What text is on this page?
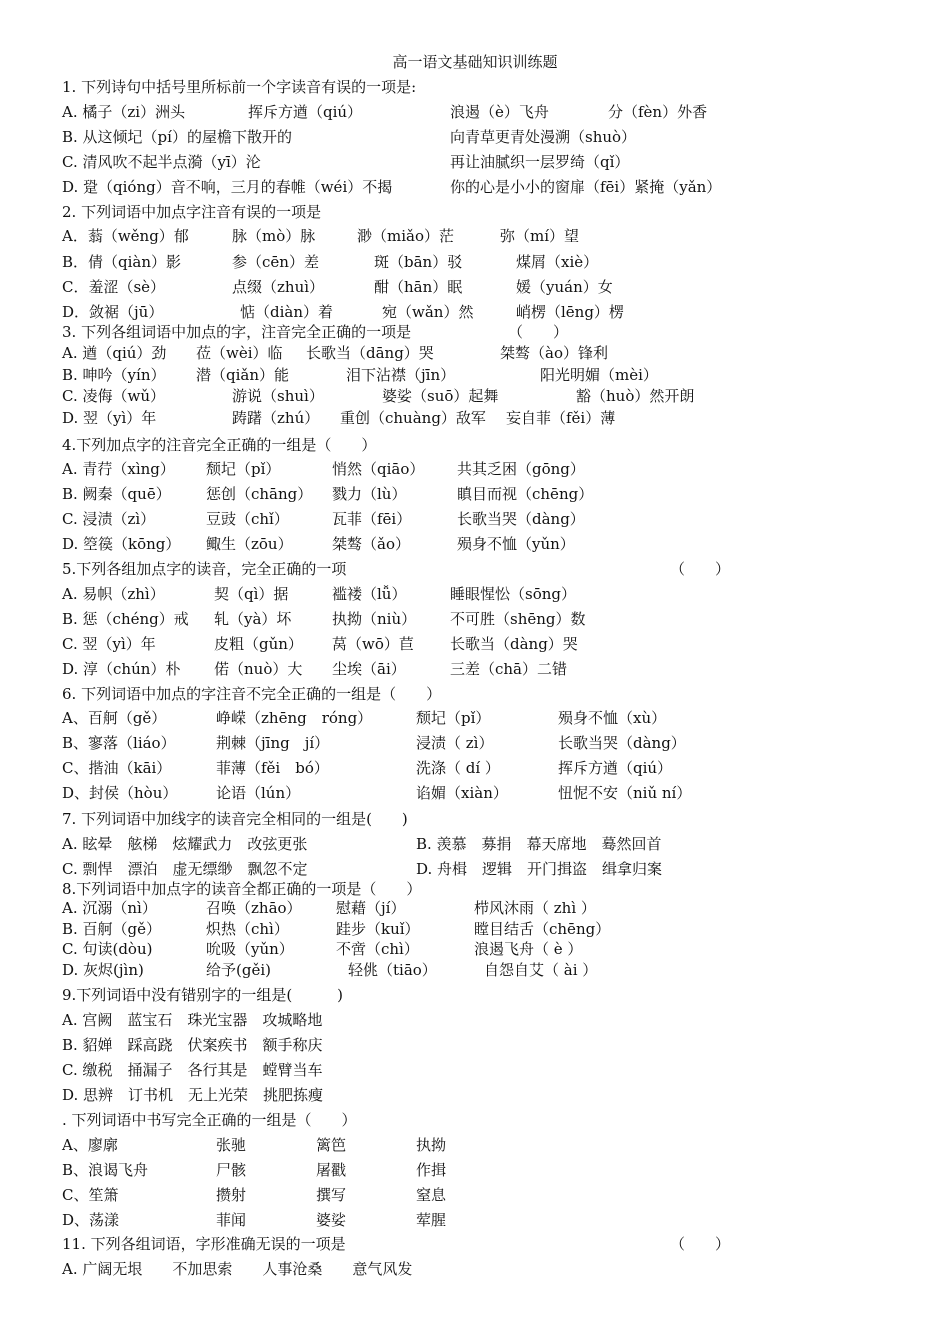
高一语文基础知识训练题
1. 下列诗句中括号里所标前一个字读音有误的一项是:
A. 橘子（zi）洲头	挥斥方遒（qiú）	浪遏（è）飞舟	分（fèn）外香
B. 从这倾圮（pí）的屋檐下散开的	向青草更青处漫溯（shuò）
C. 清风吹不起半点漪（yī）沦	再让油腻织一层罗绮（qǐ）
D. 跫（qióng）音不响，三月的春帷（wéi）不揭	你的心是小小的窗扉（fēi）紧掩（yǎn）
2. 下列词语中加点字注音有误的一项是
A．蓊（wěng）郁	脉（mò）脉	渺（miǎo）茫	弥（mí）望
B．倩（qiàn）影	参（cēn）差	斑（bān）驳	煤屑（xiè）
C．羞涩（sè）	点缀（zhuì）	酣（hān）眠	媛（yuán）女
D．敛裾（jū）	惦（diàn）着	宛（wǎn）然	峭楞（lēng）楞
3. 下列各组词语中加点的字，注音完全正确的一项是	（　　）
A. 遒（qiú）劲 莅（wèi）临 长歌当（dāng）哭	桀骜（ào）锋利
B. 呻吟（yín） 潜（qiǎn）能	泪下沾襟（jīn）	阳光明媚（mèi）
C. 凌侮（wǔ）	游说（shuì）	婆娑（suō）起舞	豁（huò）然开朗
D. 翌（yì）年	踌躇（zhú） 重创（chuàng）敌军 妄自菲（fěi）薄
4.下列加点字的注音完全正确的一组是（　　）
A. 青荇（xìng） 颓圮（pǐ）	悄然（qiāo） 共其乏困（gōng）
B. 阙秦（quē） 惩创（chāng） 戮力（lù）	瞋目而视（chēng）
C. 浸渍（zì）	豆豉（chǐ）	瓦菲（fēi）	长歌当哭（dàng）
D. 箜篌（kōng） 鲰生（zōu）	桀骜（ǎo）	殒身不恤（yǔn）
5.下列各组加点字的读音，完全正确的一项	（　　）
A. 易帜（zhì）	契（qì）据	褴褛（lǚ）	睡眼惺忪（sōng）
B. 惩（chéng）戒 轧（yà）坏	执拗（niù） 不可胜（shēng）数
C. 翌（yì）年	皮粗（gǔn） 莴（wō）苣 长歌当（dàng）哭
D. 淳（chún）朴 偌（nuò）大 尘埃（āi）	三差（chā）二错
6. 下列词语中加点的字注音不完全正确的一组是（　　）
A、百舸（gě）	峥嵘（zhēng　róng）	颓圮（pǐ）	殒身不恤（xù）
B、寥落（liáo）	荆棘（jīng　jí）	浸渍（ zì）	长歌当哭（dàng）
C、揩油（kāi）	菲薄（fěi　bó）	洗涤（ dí ）	挥斥方遒（qiú）
D、封侯（hòu）	论语（lún）	谄媚（xiàn）	忸怩不安（niǔ ní）
7. 下列词语中加线字的读音完全相同的一组是(　　)
A. 眩晕　舷梯　炫耀武力　改弦更张	B. 羡慕　募捐　幕天席地　蓦然回首
C. 剽悍　漂泊　虚无缥缈　飘忽不定	D. 舟楫　逻辑　开门揖盗　缉拿归案
8.下列词语中加点字的读音全都正确的一项是（　　）
A. 沉溺（nì）	召唤（zhāo） 慰藉（jí）	栉风沐雨（ zhì ）
B. 百舸（gě）	炽热（chì）	跬步（kuǐ）	瞠目结舌（chēng）
C. 句读(dòu)	吮吸（yǔn）	不啻（chì）	浪遏飞舟（ è ）
D. 灰烬(jìn)	给予(gěi)	轻佻（tiāo）	自怨自艾（ ài ）
9.下列词语中没有错别字的一组是(　　　)
A. 宫阙　蓝宝石　珠光宝器　攻城略地
B. 貂婵　踩高跷　伏案疾书　额手称庆
C. 缴税　捅漏子　各行其是　螳臂当车
D. 思辨　订书机　无上光荣　挑肥拣瘦
. 下列词语中书写完全正确的一组是（　　）
A、廖廓	张驰	篱笆	执拗
B、浪谒飞舟	尸骸	屠戳	作揖
C、笙箫	攒射	撰写	窒息
D、荡漾	菲闻	婆娑	荤腥
11. 下列各组词语，字形准确无误的一项是	（　　）
A. 广阔无垠　　不加思索　　人事沧桑　　意气风发
